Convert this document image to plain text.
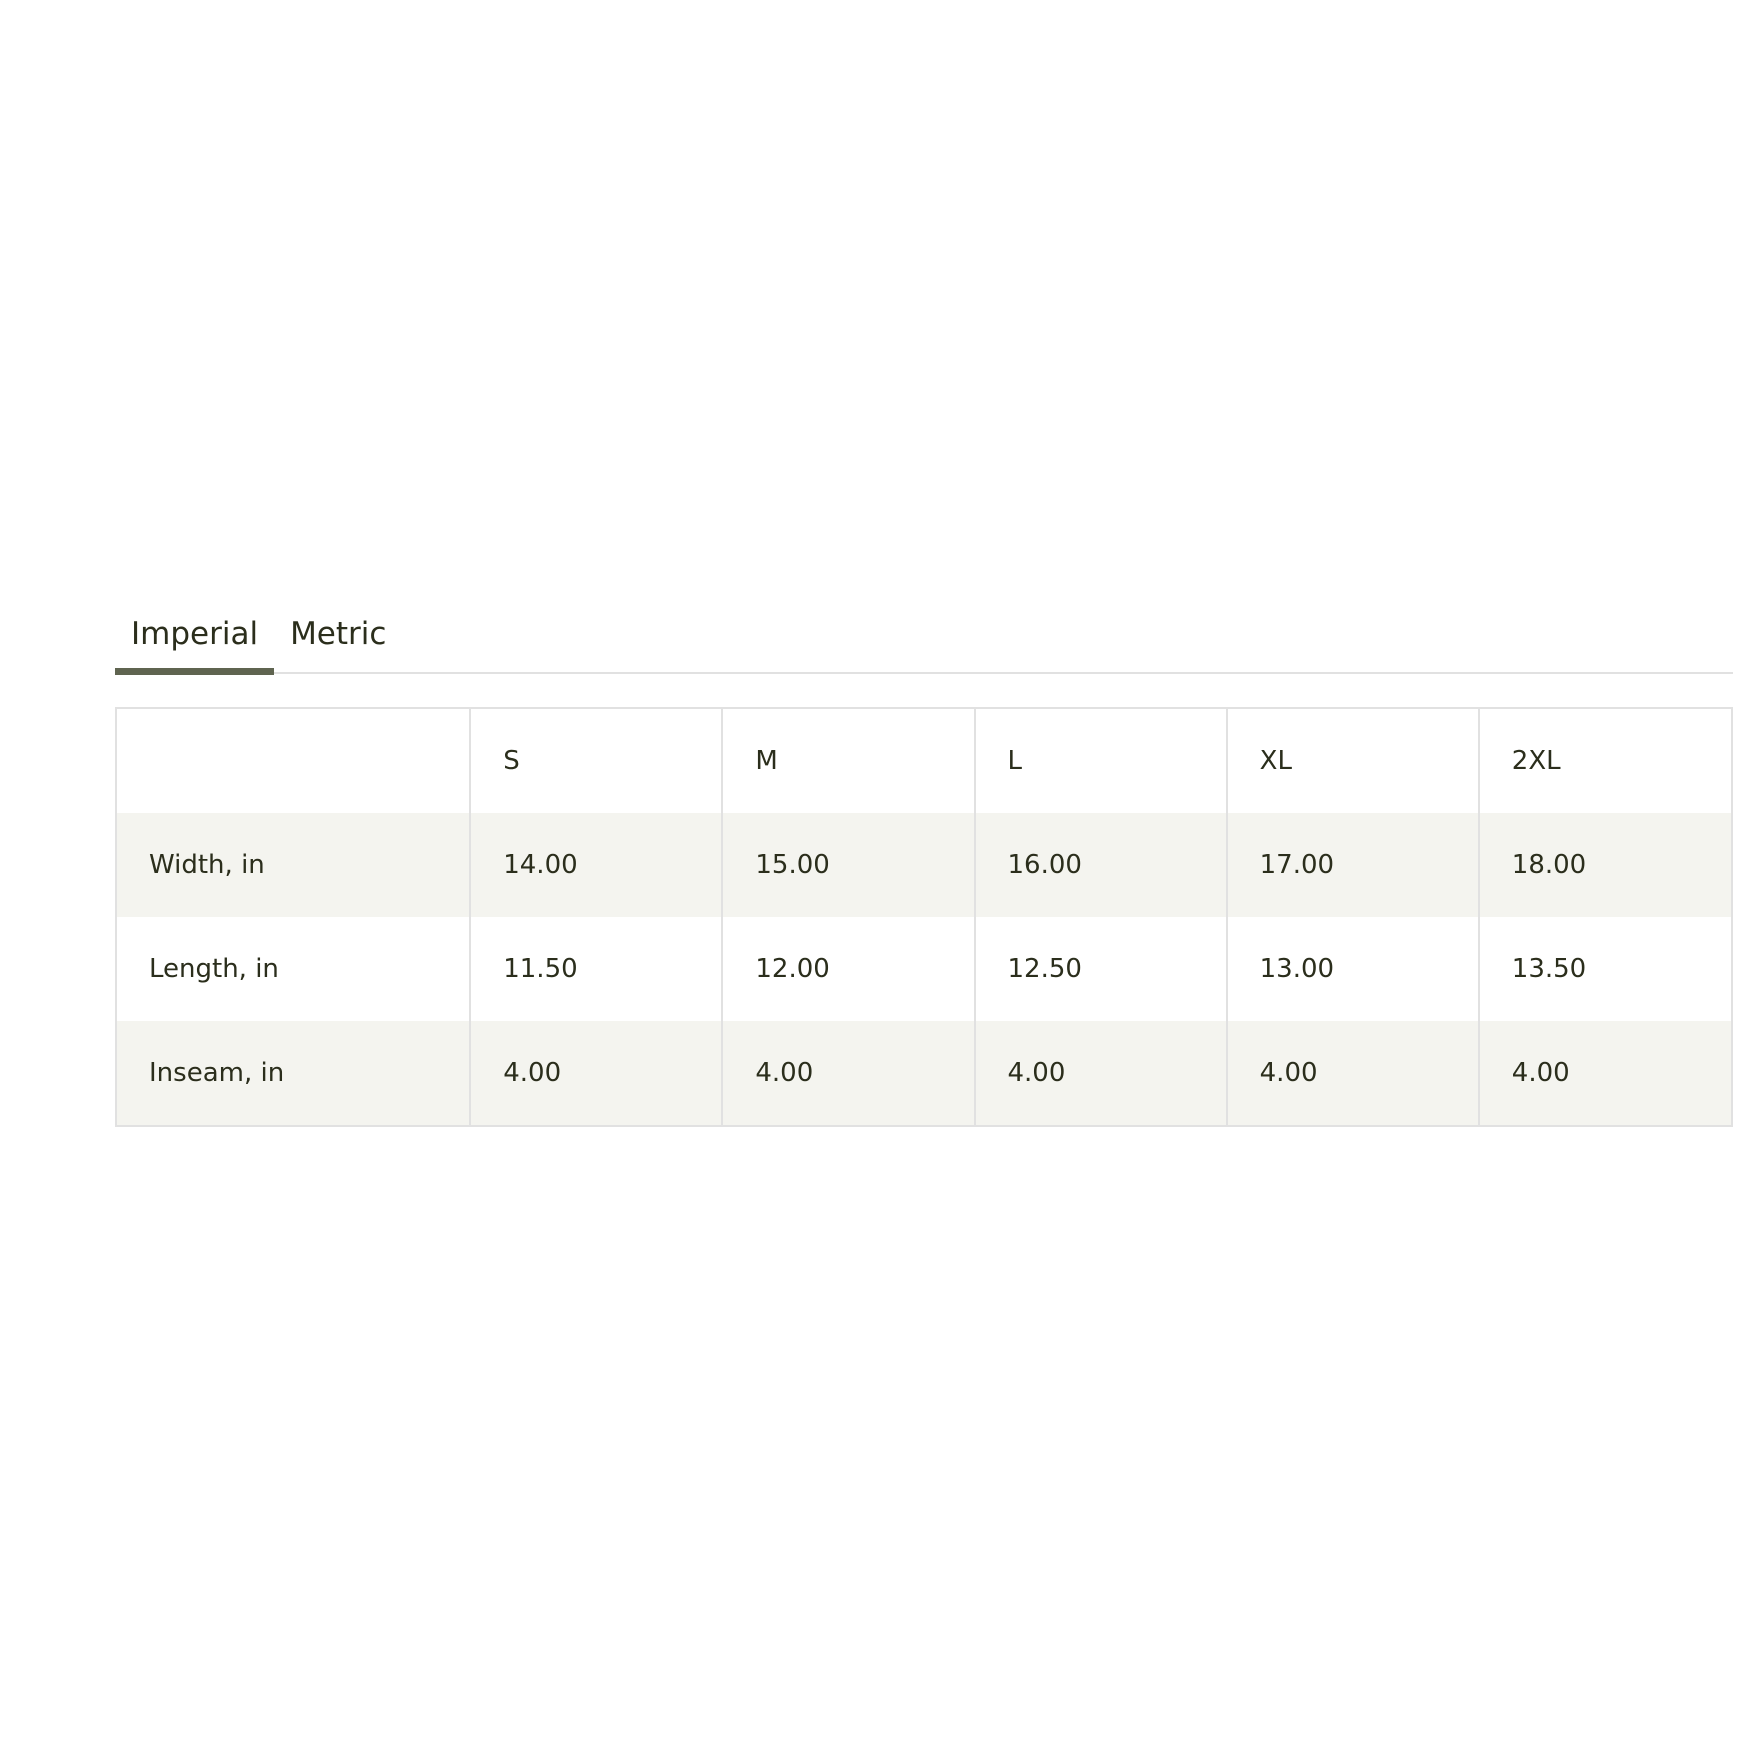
Imperial	Metric
	S	M	L	XL	2XL
Width, in	14.00	15.00	16.00	17.00	18.00
Length, in	11.50	12.00	12.50	13.00	13.50
Inseam, in	4.00	4.00	4.00	4.00	4.00
